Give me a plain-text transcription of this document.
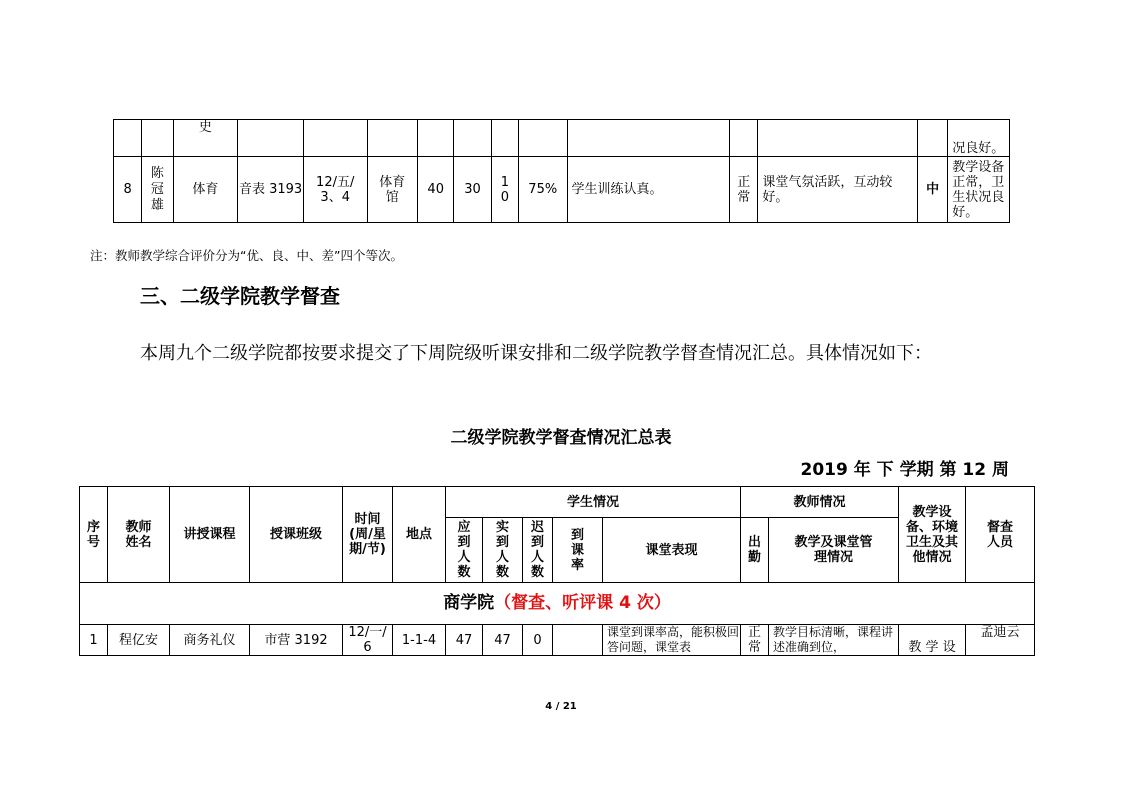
		史												况良好。
8	陈冠雄	体育	音表 3193	12/五/3、4	体育馆	40	30	10	75%	学生训练认真。	正常	课堂气氛活跃，互动较好。	中	教学设备正常，卫生状况良好。
注：教师教学综合评价分为“优、良、中、差”四个等次。
三、二级学院教学督查
本周九个二级学院都按要求提交了下周院级听课安排和二级学院教学督查情况汇总。具体情况如下：
二级学院教学督查情况汇总表
2019 年 下 学期 第 12 周
序号	教师姓名	讲授课程	授课班级	时间(周/星期/节)	地点	学生情况					教师情况		教学设备、环境卫生及其他情况	督查人员
						应到人数	实到人数	迟到人数	到课率	课堂表现	出勤	教学及课堂管理情况		
商学院（督查、听评课 4 次）														
1	程亿安	商务礼仪	市营 3192	12/一/6	1-1-4	47	47	0		课堂到课率高，能积极回答问题，课堂表	正常	教学目标清晰，课程讲述准确到位，	教 学 设	孟迪云
4 / 21
